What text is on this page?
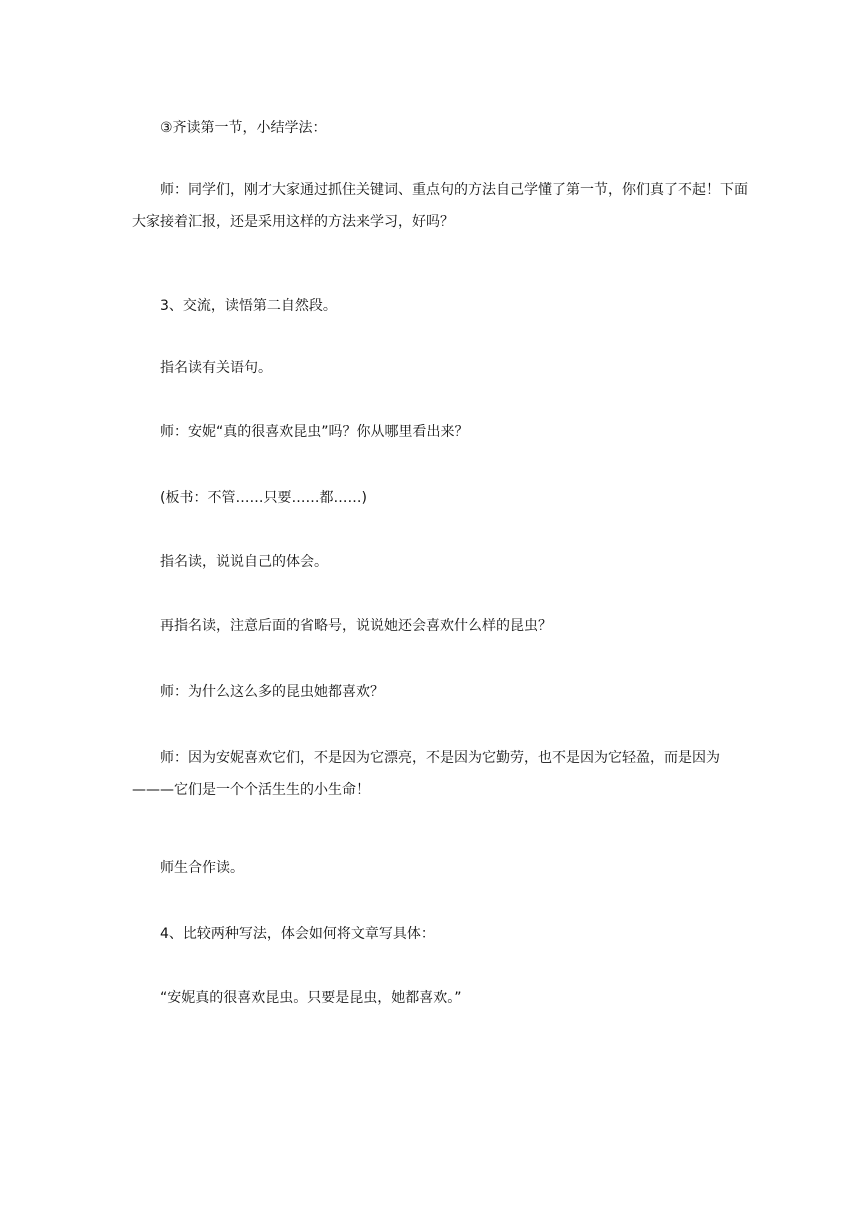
③齐读第一节，小结学法：

师：同学们，刚才大家通过抓住关键词、重点句的方法自己学懂了第一节，你们真了不起！下面大家接着汇报，还是采用这样的方法来学习，好吗？

3、交流，读悟第二自然段。

指名读有关语句。

师：安妮“真的很喜欢昆虫”吗？你从哪里看出来？

(板书：不管……只要……都……)

指名读，说说自己的体会。

再指名读，注意后面的省略号，说说她还会喜欢什么样的昆虫？

师：为什么这么多的昆虫她都喜欢？

师：因为安妮喜欢它们，不是因为它漂亮，不是因为它勤劳，也不是因为它轻盈，而是因为———它们是一个个活生生的小生命！

师生合作读。

4、比较两种写法，体会如何将文章写具体：

“安妮真的很喜欢昆虫。只要是昆虫，她都喜欢。”
